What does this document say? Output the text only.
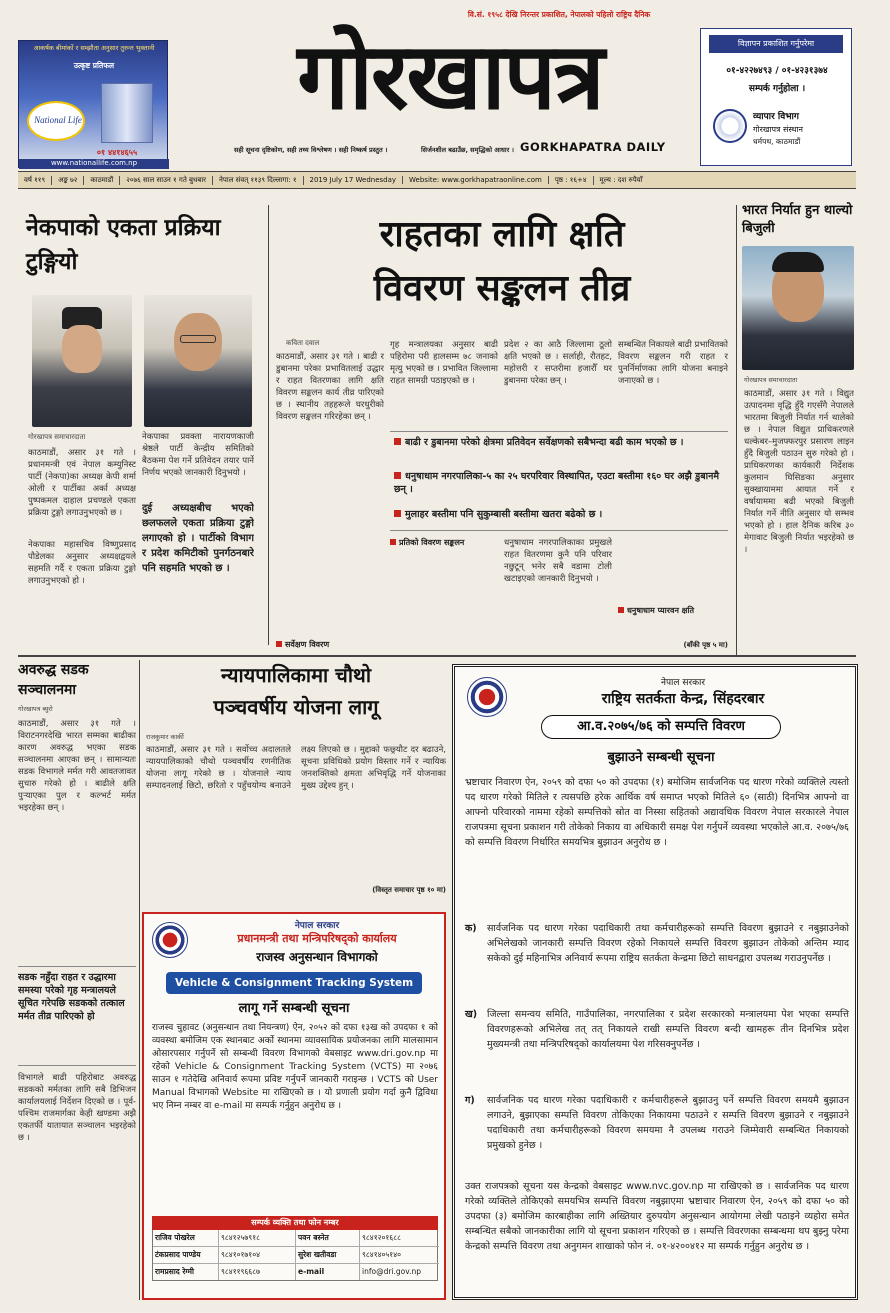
आकर्षक बीमांकों र सम्झौता अनुसार तुरुन्त भुक्तानी
उत्कृष्ट प्रतिफल
National Life
०१ ४४१४६५५
www.nationallife.com.np
वि.सं. १९५८ देखि निरन्तर प्रकाशित, नेपालको पहिलो राष्ट्रिय दैनिक
गोरखापत्र
सही सूचना दृष्टिकोण, सही तथ्य विश्लेषण । सही निष्कर्ष प्रस्तुत ।	सिर्जनशील बढाउँछ, समृद्धिको आधार । GORKHAPATRA DAILY
विज्ञापन प्रकाशित गर्नुपरेमा
०१-४२२७४९३ / ०१-४२३१३७४
सम्पर्क गर्नुहोला ।
व्यापार विभाग
गोरखापत्र संस्थान
धर्मपथ, काठमाडौं
वर्ष ११९	अङ्क ७२	काठमाडौं	२०७६ साल साउन १ गते बुधबार	नेपाल संवत् ११३९ दिल्लागा: १	2019 July 17 Wednesday	Website: www.gorkhapatraonline.com	पृष्ठ : १६+४	मूल्य : दश रुपैयाँ
नेकपाको एकता प्रक्रिया टुङ्गियो
गोरखापत्र समाचारदाता
काठमाडौं, असार ३१ गते । प्रधानमन्त्री एवं नेपाल कम्युनिस्ट पार्टी (नेकपा)का अध्यक्ष केपी शर्मा ओली र पार्टीका अर्का अध्यक्ष पुष्पकमल दाहाल प्रचण्डले एकता प्रक्रिया टुङ्गो लगाउनुभएको छ ।
नेकपाका महासचिव विष्णुप्रसाद पौडेलका अनुसार अध्यक्षद्वयले सहमति गर्दै र एकता प्रक्रिया टुङ्गो लगाउनुभएको हो ।
नेकपाका प्रवक्ता नारायणकाजी श्रेष्ठले पार्टी केन्द्रीय समितिको बैठकमा पेश गर्ने प्रतिवेदन तयार पार्ने निर्णय भएको जानकारी दिनुभयो ।
दुई अध्यक्षबीच भएको छलफलले एकता प्रक्रिया टुङ्गो लगाएको हो । पार्टीको विभाग र प्रदेश कमिटीको पुनर्गठनबारे पनि सहमति भएको छ ।
राहतका लागि क्षति
विवरण सङ्कलन तीव्र
कविता दवाल
काठमाडौं, असार ३१ गते । बाढी र डुबानमा परेका प्रभावितलाई उद्धार र राहत वितरणका लागि क्षति विवरण सङ्कलन कार्य तीव्र पारिएको छ । स्थानीय तहहरूले घरधुरीको विवरण सङ्कलन गरिरहेका छन् ।
गृह मन्त्रालयका अनुसार बाढी पहिरोमा परी हालसम्म ७८ जनाको मृत्यु भएको छ । प्रभावित जिल्लामा राहत सामग्री पठाइएको छ ।
प्रदेश २ का आठै जिल्लामा ठूलो क्षति भएको छ । सर्लाही, रौतहट, महोत्तरी र सप्तरीमा हजारौँ घर डुबानमा परेका छन् ।
सम्बन्धित निकायले बाढी प्रभावितको विवरण सङ्कलन गरी राहत र पुनर्निर्माणका लागि योजना बनाइने जनाएको छ ।
बाढी र डुबानमा परेको क्षेत्रमा प्रतिवेदन सर्वेक्षणको सबैभन्दा बढी काम भएको छ ।
धनुषाधाम नगरपालिका-५ का २५ घरपरिवार विस्थापित, एउटा बस्तीमा १६० घर अझै डुबानमै छन् ।
मुलाहर बस्तीमा पनि सुकुम्बासी बस्तीमा खतरा बढेको छ ।
सर्वेक्षण विवरण
प्रतिको विवरण सङ्कलन	धनुषाधाम नगरपालिकाका प्रमुखले राहत वितरणमा कुनै पनि परिवार नछुटून् भनेर सबै वडामा टोली खटाइएको जानकारी दिनुभयो ।
धनुषाधाम प्यारवन क्षति
(बाँकी पृष्ठ ५ मा)
भारत निर्यात हुन थाल्यो बिजुली
गोरखापत्र समाचारदाता
काठमाडौं, असार ३१ गते । विद्युत उत्पादनमा वृद्धि हुँदै गएसँगै नेपालले भारतमा बिजुली निर्यात गर्न थालेको छ । नेपाल विद्युत प्राधिकरणले धल्केबर–मुजफ्फरपुर प्रसारण लाइन हुँदै बिजुली पठाउन सुरु गरेको हो । प्राधिकरणका कार्यकारी निर्देशक कुलमान घिसिङका अनुसार सुक्खायाममा आयात गर्ने र वर्षायाममा बढी भएको बिजुली निर्यात गर्ने नीति अनुसार यो सम्भव भएको हो । हाल दैनिक करिब ३० मेगावाट बिजुली निर्यात भइरहेको छ ।
अवरुद्ध सडक सञ्चालनमा
गोरखापत्र ब्युरो
काठमाडौं, असार ३१ गते । विराटनगरदेखि भारत सम्मका बाढीका कारण अवरुद्ध भएका सडक सञ्चालनमा आएका छन् । सामान्यतः सडक विभागले मर्मत गरी आवतजावत सुचारु गरेको हो । बाढीले क्षति पुर्‍याएका पुल र कल्भर्ट मर्मत भइरहेका छन् ।
सडक नहुँदा राहत र उद्धारमा समस्या परेको गृह मन्त्रालयले सूचित गरेपछि सडकको तत्काल मर्मत तीव्र पारिएको हो
विभागले बाढी पहिरोबाट अवरुद्ध सडकको मर्मतका लागि सबै डिभिजन कार्यालयलाई निर्देशन दिएको छ । पूर्व-पश्चिम राजमार्गका केही खण्डमा अझै एकतर्फी यातायात सञ्चालन भइरहेको छ ।
न्यायपालिकामा चौथो
पञ्चवर्षीय योजना लागू
राजकुमार कार्की
काठमाडौं, असार ३१ गते । सर्वोच्च अदालतले न्यायपालिकाको चौथो पञ्चवर्षीय रणनीतिक योजना लागू गरेको छ । योजनाले न्याय सम्पादनलाई छिटो, छरितो र पहुँचयोग्य बनाउने लक्ष्य लिएको छ । मुद्दाको फछ्र्यौट दर बढाउने, सूचना प्रविधिको प्रयोग विस्तार गर्ने र न्यायिक जनशक्तिको क्षमता अभिवृद्धि गर्ने योजनाका मुख्य उद्देश्य हुन् ।
(विस्तृत समाचार पृष्ठ १० मा)
नेपाल सरकार
प्रधानमन्त्री तथा मन्त्रिपरिषद्को कार्यालय
राजस्व अनुसन्धान विभागको
Vehicle & Consignment Tracking System
लागू गर्ने सम्बन्धी सूचना
राजस्व चुहावट (अनुसन्धान तथा नियन्त्रण) ऐन, २०५२ को दफा १३ख को उपदफा १ को व्यवस्था बमोजिम एक स्थानबाट अर्को स्थानमा व्यावसायिक प्रयोजनका लागि मालसामान ओसारपसार गर्नुपर्ने सो सम्बन्धी विवरण विभागको वेबसाइट www.dri.gov.np मा रहेको Vehicle & Consignment Tracking System (VCTS) मा २०७६ साउन १ गतेदेखि अनिवार्य रूपमा प्रविष्ट गर्नुपर्ने जानकारी गराइन्छ । VCTS को User Manual विभागको Website मा राखिएको छ । यो प्रणाली प्रयोग गर्दा कुनै द्विविधा भए निम्न नम्बर वा e-mail मा सम्पर्क गर्नुहुन अनुरोध छ ।
सम्पर्क व्यक्ति तथा फोन नम्बर
राजिव पोखरेल	९८४१२५७९१८	पवन बस्नेत	९८४१२०१६८८
टंकप्रसाद पाण्डेय	९८४१०१७१०४	सुरेश खतीवडा	९८४१४०५१४०
रामप्रसाद रेग्मी	९८४११९६६८७	e-mail	info@dri.gov.np
नेपाल सरकार
राष्ट्रिय सतर्कता केन्द्र, सिंहदरबार
आ.व.२०७५/७६ को सम्पत्ति विवरण
बुझाउने सम्बन्धी सूचना
भ्रष्टाचार निवारण ऐन, २०५९ को दफा ५० को उपदफा (१) बमोजिम सार्वजनिक पद धारण गरेको व्यक्तिले त्यस्तो पद धारण गरेको मितिले र त्यसपछि हरेक आर्थिक वर्ष समाप्त भएको मितिले ६० (साठी) दिनभित्र आफ्नो वा आफ्नो परिवारको नाममा रहेको सम्पत्तिको स्रोत वा निस्सा सहितको अद्यावधिक विवरण नेपाल सरकारले नेपाल राजपत्रमा सूचना प्रकाशन गरी तोकेको निकाय वा अधिकारी समक्ष पेश गर्नुपर्ने व्यवस्था भएकोले आ.व. २०७५/७६ को सम्पत्ति विवरण निर्धारित समयभित्र बुझाउन अनुरोध छ ।
क) सार्वजनिक पद धारण गरेका पदाधिकारी तथा कर्मचारीहरूको सम्पत्ति विवरण बुझाउने र नबुझाउनेको अभिलेखको जानकारी सम्पत्ति विवरण रहेको निकायले सम्पत्ति विवरण बुझाउन तोकेको अन्तिम म्याद सकेको दुई महिनाभित्र अनिवार्य रूपमा राष्ट्रिय सतर्कता केन्द्रमा छिटो साधनद्वारा उपलब्ध गराउनुपर्नेछ ।
ख) जिल्ला समन्वय समिति, गाउँपालिका, नगरपालिका र प्रदेश सरकारको मन्त्रालयमा पेश भएका सम्पत्ति विवरणहरूको अभिलेख तत् तत् निकायले राखी सम्पत्ति विवरण बन्दी खामहरू तीन दिनभित्र प्रदेश मुख्यमन्त्री तथा मन्त्रिपरिषद्को कार्यालयमा पेश गरिसक्नुपर्नेछ ।
ग) सार्वजनिक पद धारण गरेका पदाधिकारी र कर्मचारीहरूले बुझाउनु पर्ने सम्पत्ति विवरण समयमै बुझाउन लगाउने, बुझाएका सम्पत्ति विवरण तोकिएका निकायमा पठाउने र सम्पत्ति विवरण बुझाउने र नबुझाउने पदाधिकारी तथा कर्मचारीहरूको विवरण समयमा नै उपलब्ध गराउने जिम्मेवारी सम्बन्धित निकायको प्रमुखको हुनेछ ।
उक्त राजपत्रको सूचना यस केन्द्रको वेबसाइट www.nvc.gov.np मा राखिएको छ । सार्वजनिक पद धारण गरेको व्यक्तिले तोकिएको समयभित्र सम्पत्ति विवरण नबुझाएमा भ्रष्टाचार निवारण ऐन, २०५९ को दफा ५० को उपदफा (३) बमोजिम कारबाहीका लागि अख्तियार दुरुपयोग अनुसन्धान आयोगमा लेखी पठाइने व्यहोरा समेत सम्बन्धित सबैको जानकारीका लागि यो सूचना प्रकाशन गरिएको छ । सम्पत्ति विवरणका सम्बन्धमा थप बुझ्नु परेमा केन्द्रको सम्पत्ति विवरण तथा अनुगमन शाखाको फोन नं. ०१-४२००४१२ मा सम्पर्क गर्नुहुन अनुरोध छ ।
